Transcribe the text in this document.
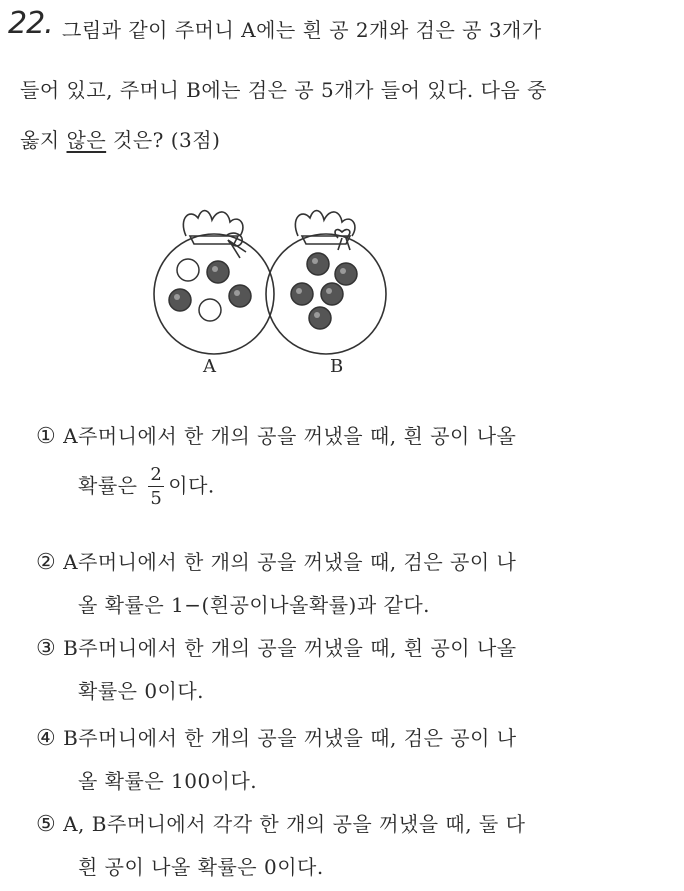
22. 그림과 같이 주머니 A에는 흰 공 2개와 검은 공 3개가
들어 있고, 주머니 B에는 검은 공 5개가 들어 있다. 다음 중
옳지 않은 것은? (3점)
A	B
① A주머니에서 한 개의 공을 꺼냈을 때, 흰 공이 나올
확률은 $\frac{2}{5}$ 이다.
② A주머니에서 한 개의 공을 꺼냈을 때, 검은 공이 나
올 확률은 1−(흰공이나올확률)과 같다.
③ B주머니에서 한 개의 공을 꺼냈을 때, 흰 공이 나올
확률은 0이다.
④ B주머니에서 한 개의 공을 꺼냈을 때, 검은 공이 나
올 확률은 100이다.
⑤ A, B주머니에서 각각 한 개의 공을 꺼냈을 때, 둘 다
흰 공이 나올 확률은 0이다.
